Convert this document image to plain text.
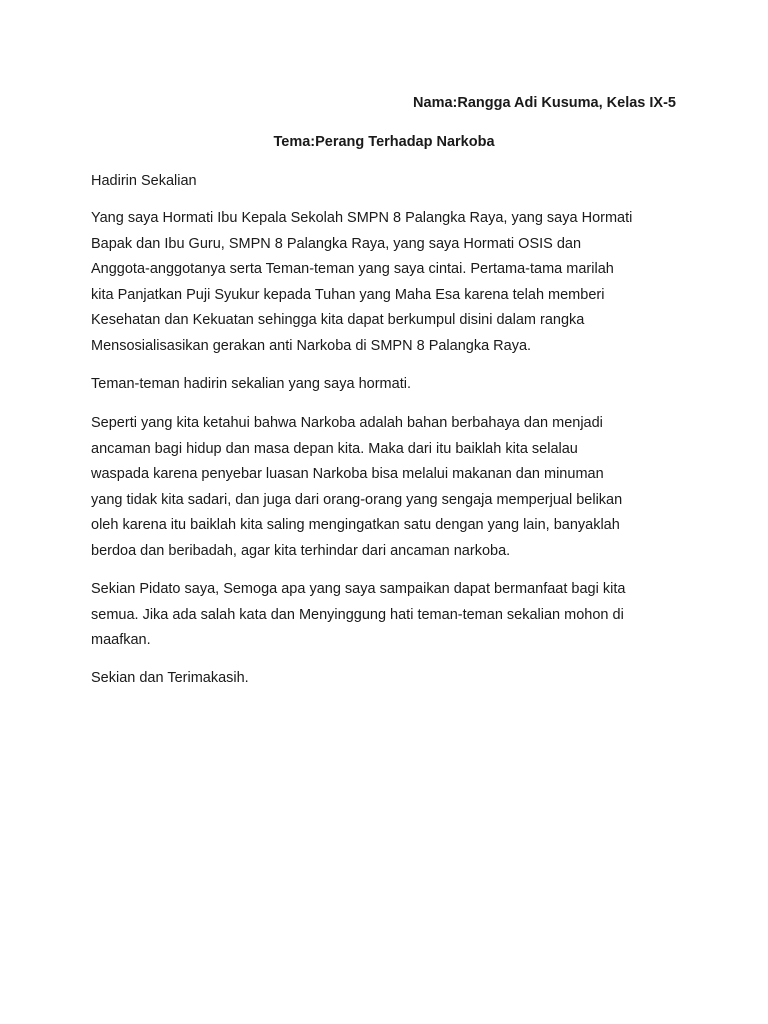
Nama:Rangga Adi Kusuma, Kelas IX-5
Tema:Perang Terhadap Narkoba

Hadirin Sekalian

Yang saya Hormati Ibu Kepala Sekolah SMPN 8 Palangka Raya, yang saya Hormati
Bapak dan Ibu Guru, SMPN 8 Palangka Raya, yang saya Hormati OSIS dan
Anggota-anggotanya serta Teman-teman yang saya cintai. Pertama-tama marilah
kita Panjatkan Puji Syukur kepada Tuhan yang Maha Esa karena telah memberi
Kesehatan dan Kekuatan sehingga kita dapat berkumpul disini dalam rangka
Mensosialisasikan gerakan anti Narkoba di SMPN 8 Palangka Raya.

Teman-teman hadirin sekalian yang saya hormati.

Seperti yang kita ketahui bahwa Narkoba adalah bahan berbahaya dan menjadi
ancaman bagi hidup dan masa depan kita. Maka dari itu baiklah kita selalau
waspada karena penyebar luasan Narkoba bisa melalui makanan dan minuman
yang tidak kita sadari, dan juga dari orang-orang yang sengaja memperjual belikan
oleh karena itu baiklah kita saling mengingatkan satu dengan yang lain, banyaklah
berdoa dan beribadah, agar kita terhindar dari ancaman narkoba.

Sekian Pidato saya, Semoga apa yang saya sampaikan dapat bermanfaat bagi kita
semua. Jika ada salah kata dan Menyinggung hati teman-teman sekalian mohon di
maafkan.

Sekian dan Terimakasih.
